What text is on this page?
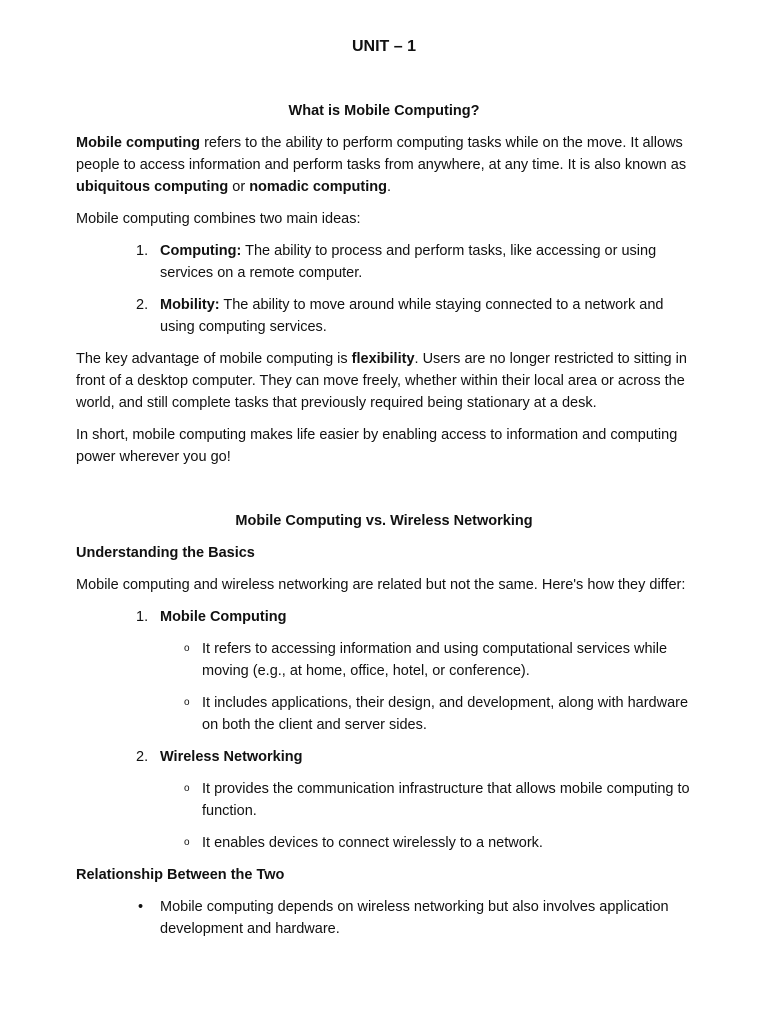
UNIT – 1
What is Mobile Computing?

Mobile computing refers to the ability to perform computing tasks while on the move. It allows people to access information and perform tasks from anywhere, at any time. It is also known as ubiquitous computing or nomadic computing.

Mobile computing combines two main ideas:

1. Computing: The ability to process and perform tasks, like accessing or using services on a remote computer.
2. Mobility: The ability to move around while staying connected to a network and using computing services.

The key advantage of mobile computing is flexibility. Users are no longer restricted to sitting in front of a desktop computer. They can move freely, whether within their local area or across the world, and still complete tasks that previously required being stationary at a desk.

In short, mobile computing makes life easier by enabling access to information and computing power wherever you go!

Mobile Computing vs. Wireless Networking
Understanding the Basics

Mobile computing and wireless networking are related but not the same. Here's how they differ:

1. Mobile Computing
o It refers to accessing information and using computational services while moving (e.g., at home, office, hotel, or conference).
o It includes applications, their design, and development, along with hardware on both the client and server sides.
2. Wireless Networking
o It provides the communication infrastructure that allows mobile computing to function.
o It enables devices to connect wirelessly to a network.
Relationship Between the Two
• Mobile computing depends on wireless networking but also involves application development and hardware.
